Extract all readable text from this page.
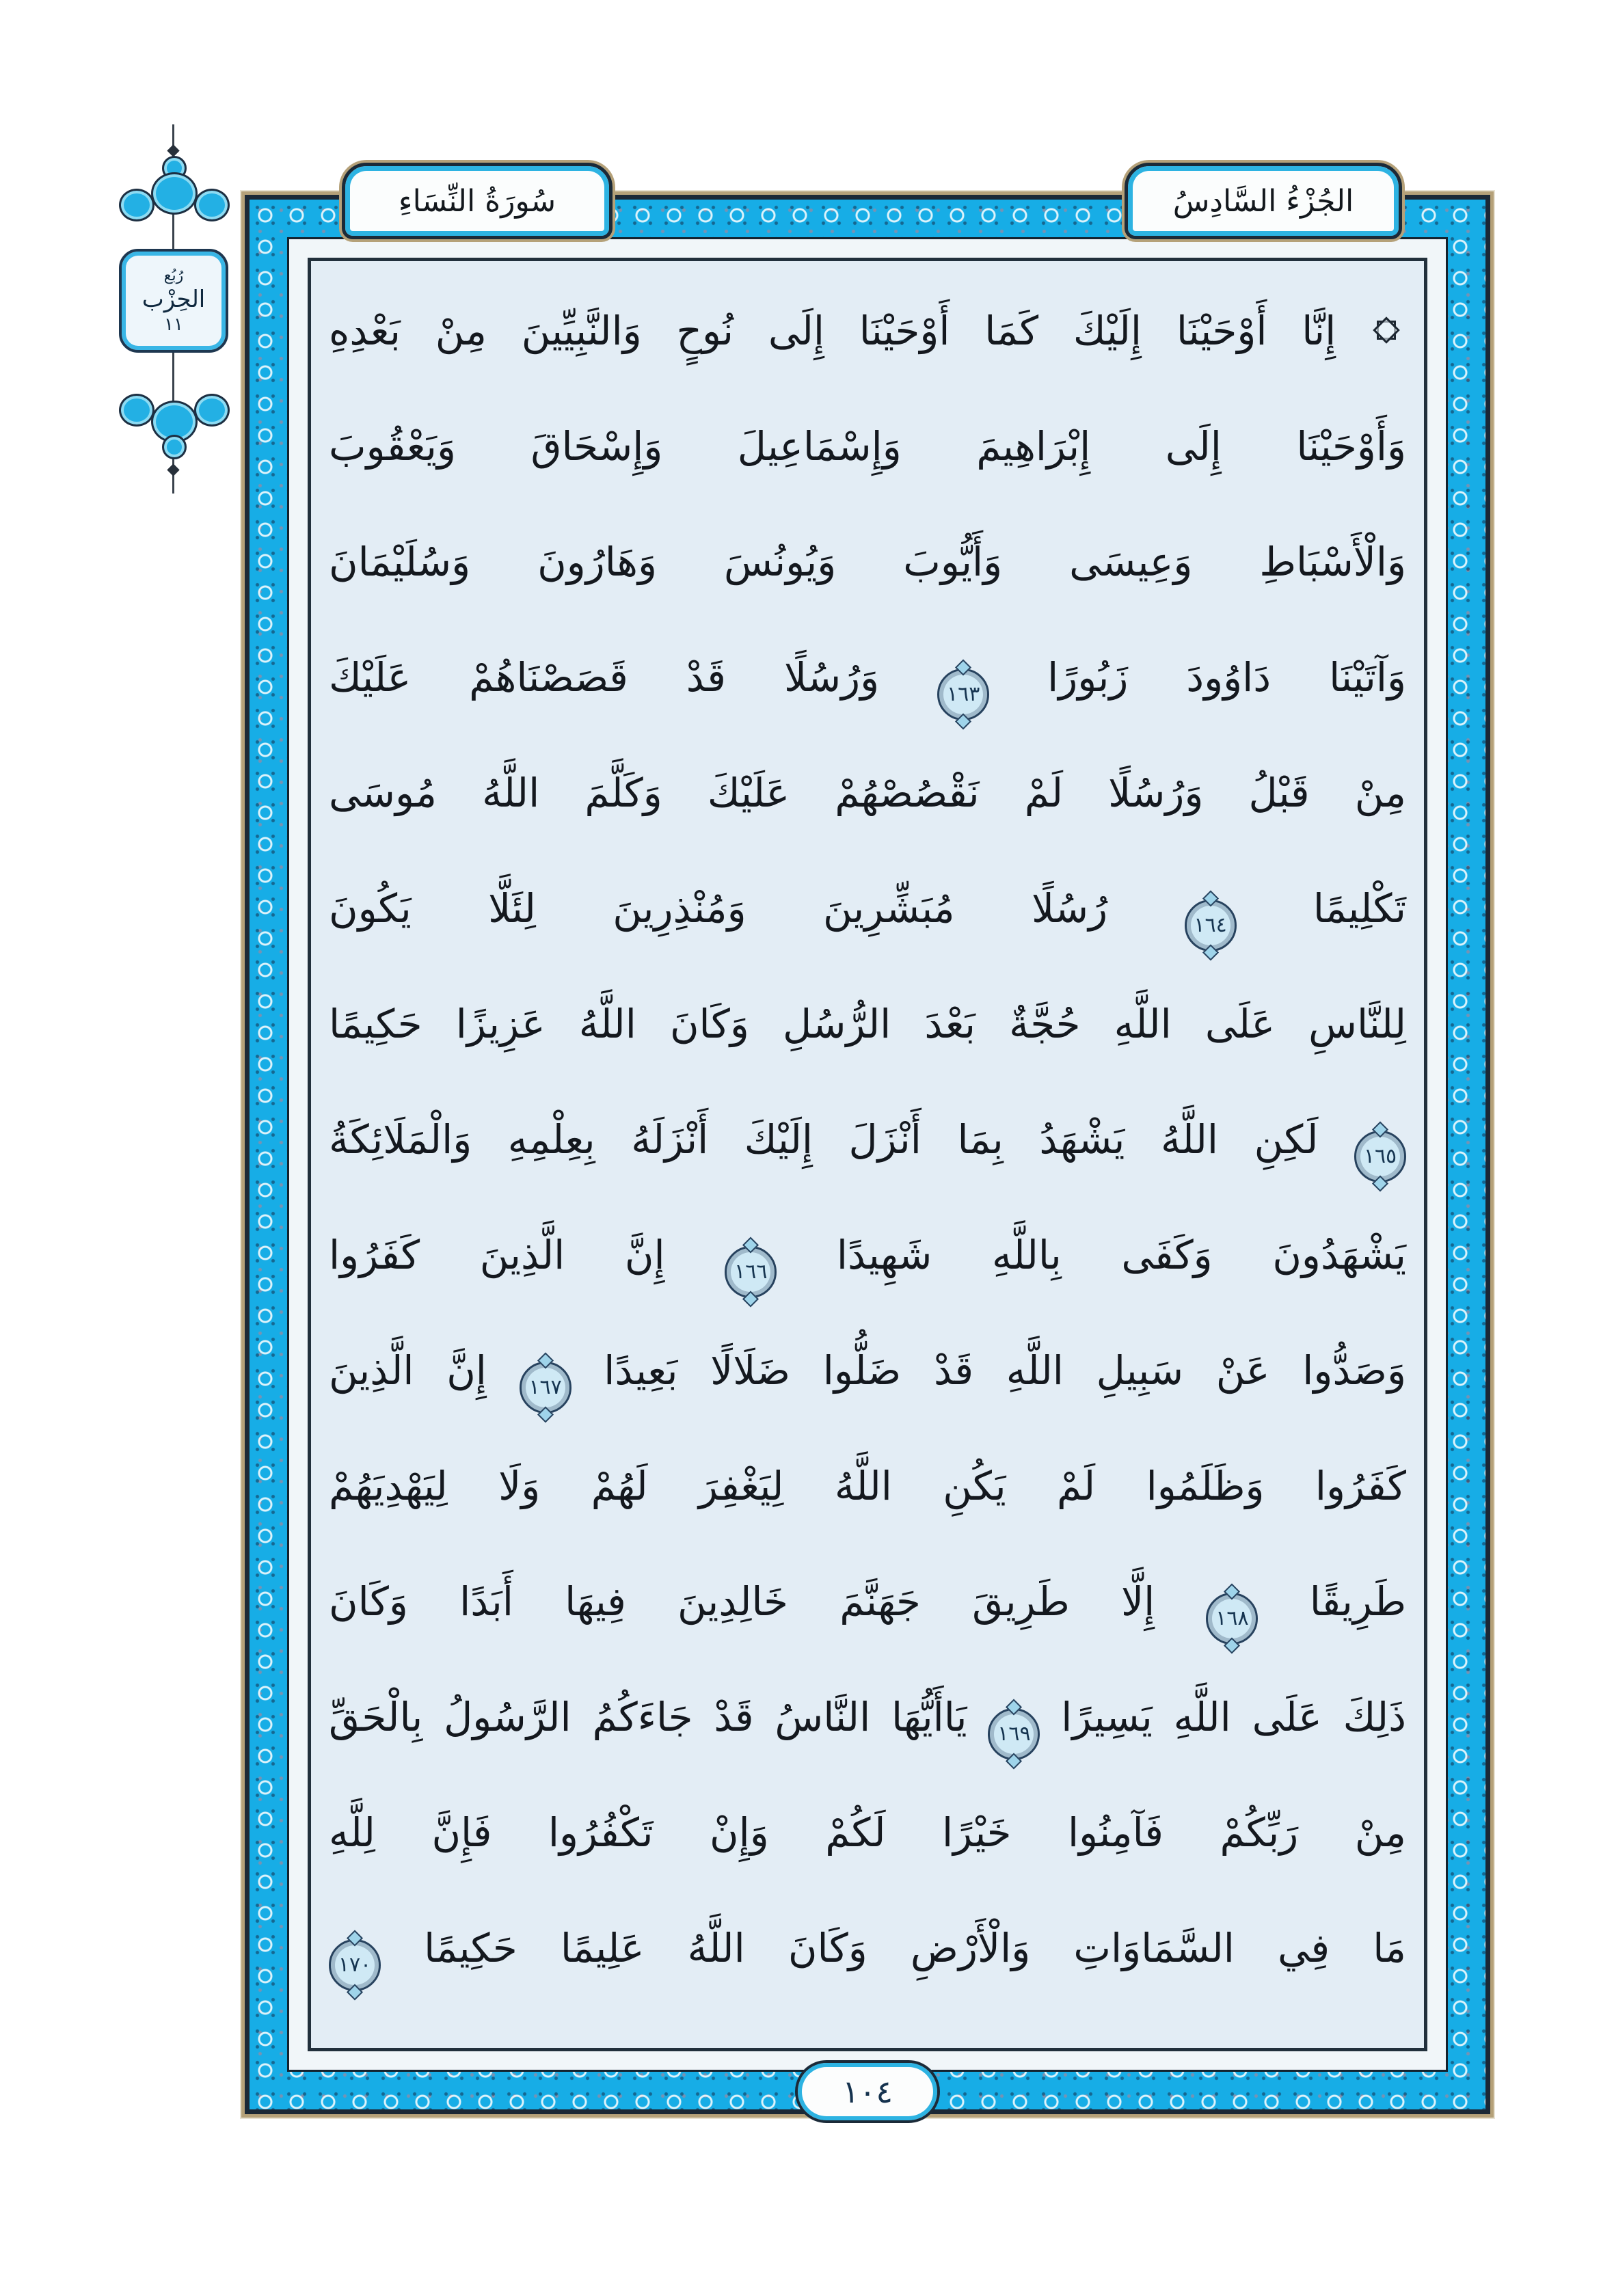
رُبُع
الحِزْب
١١	إِنَّا أَوْحَيْنَا إِلَيْكَ كَمَا أَوْحَيْنَا إِلَى نُوحٍ وَالنَّبِيِّينَ مِنْ بَعْدِهِ
وَأَوْحَيْنَا إِلَى إِبْرَاهِيمَ وَإِسْمَاعِيلَ وَإِسْحَاقَ وَيَعْقُوبَ
وَالْأَسْبَاطِ وَعِيسَى وَأَيُّوبَ وَيُونُسَ وَهَارُونَ وَسُلَيْمَانَ
وَآتَيْنَا دَاوُودَ زَبُورًا ١٦٣ وَرُسُلًا قَدْ قَصَصْنَاهُمْ عَلَيْكَ
مِنْ قَبْلُ وَرُسُلًا لَمْ نَقْصُصْهُمْ عَلَيْكَ وَكَلَّمَ اللَّهُ مُوسَى
تَكْلِيمًا ١٦٤ رُسُلًا مُبَشِّرِينَ وَمُنْذِرِينَ لِئَلَّا يَكُونَ
لِلنَّاسِ عَلَى اللَّهِ حُجَّةٌ بَعْدَ الرُّسُلِ وَكَانَ اللَّهُ عَزِيزًا حَكِيمًا
١٦٥ لَكِنِ اللَّهُ يَشْهَدُ بِمَا أَنْزَلَ إِلَيْكَ أَنْزَلَهُ بِعِلْمِهِ وَالْمَلَائِكَةُ
يَشْهَدُونَ وَكَفَى بِاللَّهِ شَهِيدًا ١٦٦ إِنَّ الَّذِينَ كَفَرُوا
وَصَدُّوا عَنْ سَبِيلِ اللَّهِ قَدْ ضَلُّوا ضَلَالًا بَعِيدًا ١٦٧ إِنَّ الَّذِينَ
كَفَرُوا وَظَلَمُوا لَمْ يَكُنِ اللَّهُ لِيَغْفِرَ لَهُمْ وَلَا لِيَهْدِيَهُمْ
طَرِيقًا ١٦٨ إِلَّا طَرِيقَ جَهَنَّمَ خَالِدِينَ فِيهَا أَبَدًا وَكَانَ
ذَلِكَ عَلَى اللَّهِ يَسِيرًا ١٦٩ يَاأَيُّهَا النَّاسُ قَدْ جَاءَكُمُ الرَّسُولُ بِالْحَقِّ
مِنْ رَبِّكُمْ فَآمِنُوا خَيْرًا لَكُمْ وَإِنْ تَكْفُرُوا فَإِنَّ لِلَّهِ
مَا فِي السَّمَاوَاتِ وَالْأَرْضِ وَكَانَ اللَّهُ عَلِيمًا حَكِيمًا ١٧٠
سُورَةُ النِّسَاءِ	الجُزْءُ السَّادِسُ
١٠٤
